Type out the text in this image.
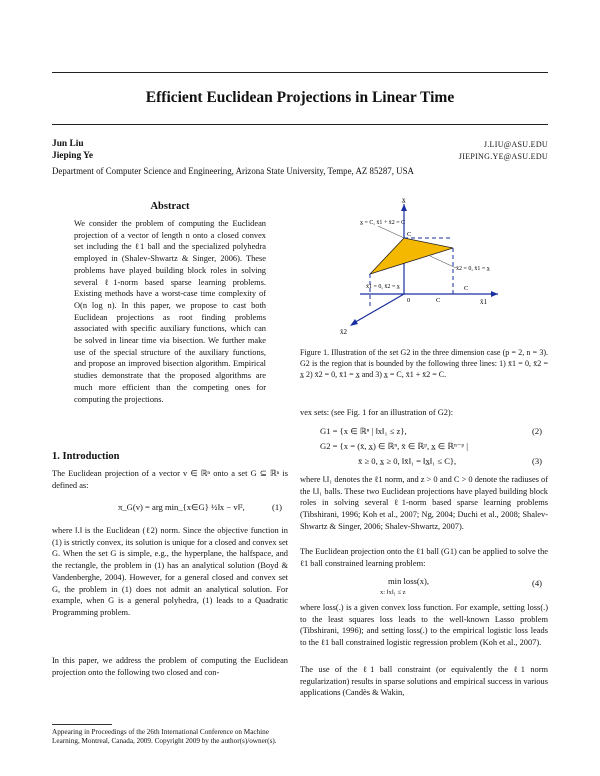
Efficient Euclidean Projections in Linear Time
Jun Liu	J.LIU@ASU.EDU
Jieping Ye	JIEPING.YE@ASU.EDU
Department of Computer Science and Engineering, Arizona State University, Tempe, AZ 85287, USA
Abstract
We consider the problem of computing the Euclidean projection of a vector of length n onto a closed convex set including the ℓ1 ball and the specialized polyhedra employed in (Shalev-Shwartz & Singer, 2006). These problems have played building block roles in solving several ℓ1-norm based sparse learning problems. Existing methods have a worst-case time complexity of O(n log n). In this paper, we propose to cast both Euclidean projections as root finding problems associated with specific auxiliary functions, which can be solved in linear time via bisection. We further make use of the special structure of the auxiliary functions, and propose an improved bisection algorithm. Empirical studies demonstrate that the proposed algorithms are much more efficient than the competing ones for computing the projections.
1. Introduction
The Euclidean projection of a vector v ∈ ℝⁿ onto a set G ⊆ ℝⁿ is defined as:
π_G(v) = arg min_{x∈G} ½‖x − v‖²,	(1)
where ‖.‖ is the Euclidean (ℓ2) norm. Since the objective function in (1) is strictly convex, its solution is unique for a closed and convex set G. When the set G is simple, e.g., the hyperplane, the halfspace, and the rectangle, the problem in (1) has an analytical solution (Boyd & Vandenberghe, 2004). However, for a general closed and convex set G, the problem in (1) does not admit an analytical solution. For example, when G is a general polyhedra, (1) leads to a Quadratic Programming problem.
In this paper, we address the problem of computing the Euclidean projection onto the following two closed and con-
Appearing in Proceedings of the 26th International Conference on Machine Learning, Montreal, Canada, 2009. Copyright 2009 by the author(s)/owner(s).
x̲ = C, x̄1 + x̄2 = C
x̄2 = 0, x̄1 = x̲
x̄1 = 0, x̄2 = x̲
x̲
x̄1
x̄2
0
C
C
C
Figure 1. Illustration of the set G2 in the three dimension case (p = 2, n = 3). G2 is the region that is bounded by the following three lines: 1) x̄1 = 0, x̄2 = x̲ 2) x̄2 = 0, x̄1 = x̲ and 3) x̲ = C, x̄1 + x̄2 = C.
vex sets: (see Fig. 1 for an illustration of G2):
G1 = {x ∈ ℝⁿ | ‖x‖₁ ≤ z},	(2)
G2 = {x = (x̄, x̲) ∈ ℝⁿ, x̄ ∈ ℝᵖ, x̲ ∈ ℝⁿ⁻ᵖ |
x̄ ≥ 0, x̲ ≥ 0, ‖x̄‖₁ = ‖x̲‖₁ ≤ C},	(3)
where ‖.‖₁ denotes the ℓ1 norm, and z > 0 and C > 0 denote the radiuses of the ‖.‖₁ balls. These two Euclidean projections have played building block roles in solving several ℓ1-norm based sparse learning problems (Tibshirani, 1996; Koh et al., 2007; Ng, 2004; Duchi et al., 2008; Shalev-Shwartz & Singer, 2006; Shalev-Shwartz, 2007).
The Euclidean projection onto the ℓ1 ball (G1) can be applied to solve the ℓ1 ball constrained learning problem:
min loss(x),
x: ‖x‖₁ ≤ z
(4)
where loss(.) is a given convex loss function. For example, setting loss(.) to the least squares loss leads to the well-known Lasso problem (Tibshirani, 1996); and setting loss(.) to the empirical logistic loss leads to the ℓ1 ball constrained logistic regression problem (Koh et al., 2007).
The use of the ℓ1 ball constraint (or equivalently the ℓ1 norm regularization) results in sparse solutions and empirical success in various applications (Candès & Wakin,
